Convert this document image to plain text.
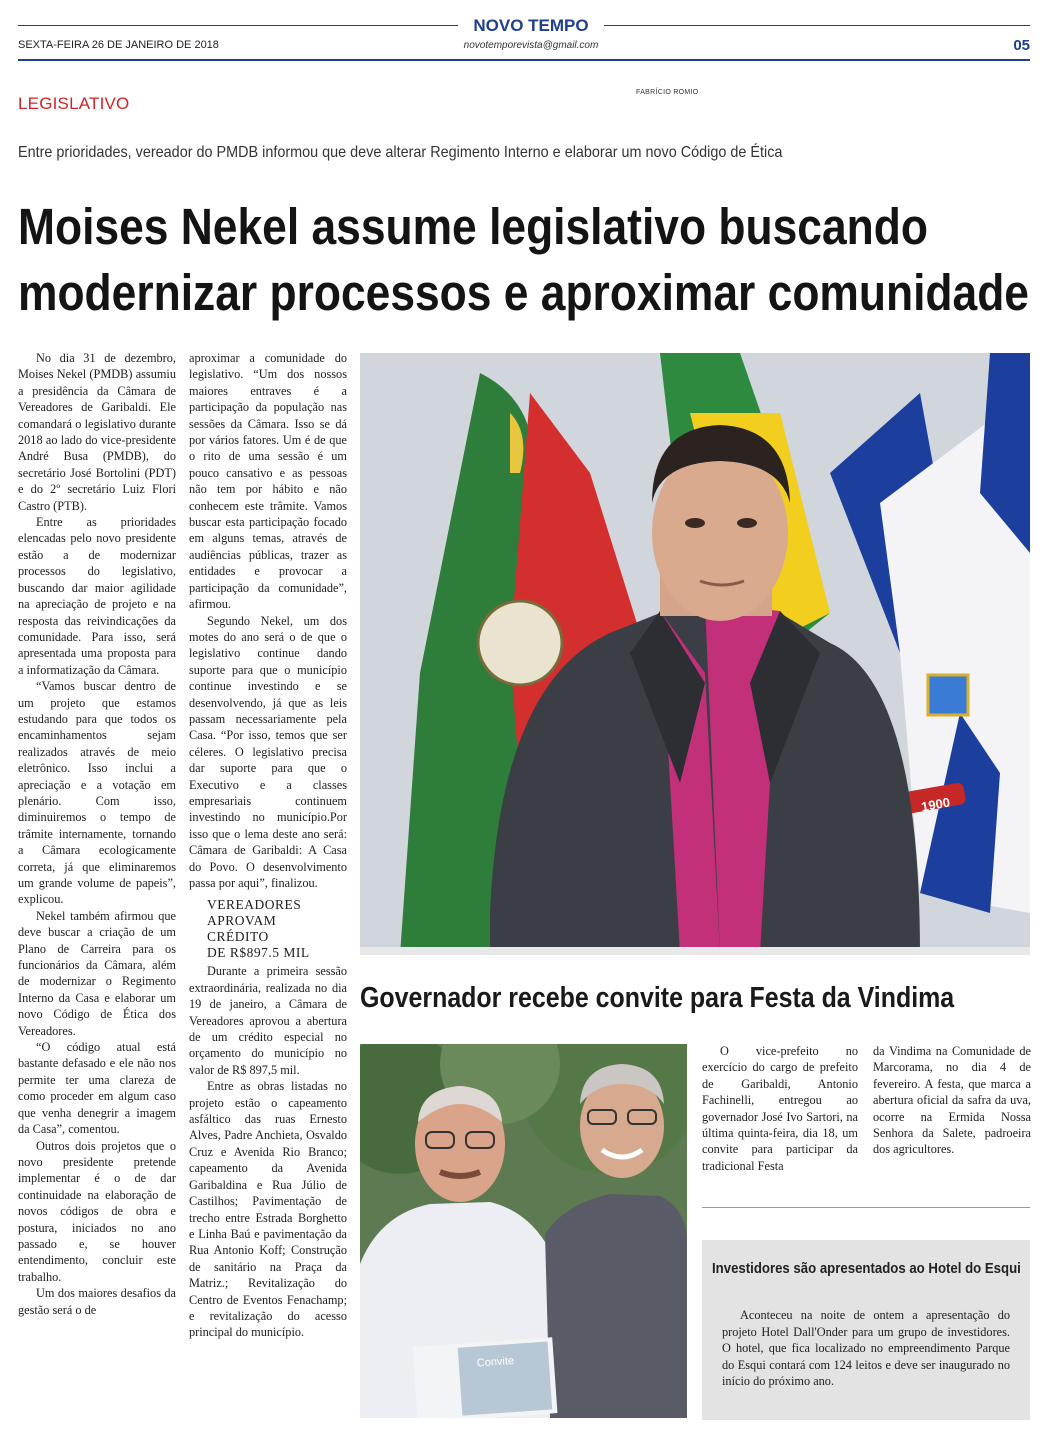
NOVO TEMPO
SEXTA-FEIRA 26 DE JANEIRO DE 2018	novotemporevista@gmail.com	05
LEGISLATIVO
FABRÍCIO ROMIO
Entre prioridades, vereador do PMDB informou que deve alterar Regimento Interno e elaborar um novo Código de Ética
Moises Nekel assume legislativo buscando
modernizar processos e aproximar comunidade

No dia 31 de dezembro, Moises Nekel (PMDB) assumiu a presidência da Câmara de Vereadores de Garibaldi. Ele comandará o legislativo durante 2018 ao lado do vice-presidente André Busa (PMDB), do secretário José Bortolini (PDT) e do 2º secretário Luiz Flori Castro (PTB).

Entre as prioridades elencadas pelo novo presidente estão a de modernizar processos do legislativo, buscando dar maior agilidade na apreciação de projeto e na resposta das reivindicações da comunidade. Para isso, será apresentada uma proposta para a informatização da Câmara.

“Vamos buscar dentro de um projeto que estamos estudando para que todos os encaminhamentos sejam realizados através de meio eletrônico. Isso inclui a apreciação e a votação em plenário. Com isso, diminuiremos o tempo de trâmite internamente, tornando a Câmara ecologicamente correta, já que eliminaremos um grande volume de papeis”, explicou.

Nekel também afirmou que deve buscar a criação de um Plano de Carreira para os funcionários da Câmara, além de modernizar o Regimento Interno da Casa e elaborar um novo Código de Ética dos Vereadores.

“O código atual está bastante defasado e ele não nos permite ter uma clareza de como proceder em algum caso que venha denegrir a imagem da Casa”, comentou.

Outros dois projetos que o novo presidente pretende implementar é o de dar continuidade na elaboração de novos códigos de obra e postura, iniciados no ano passado e, se houver entendimento, concluir este trabalho.

Um dos maiores desafios da gestão será o de

aproximar a comunidade do legislativo. “Um dos nossos maiores entraves é a participação da população nas sessões da Câmara. Isso se dá por vários fatores. Um é de que o rito de uma sessão é um pouco cansativo e as pessoas não tem por hábito e não conhecem este trâmite. Vamos buscar esta participação focado em alguns temas, através de audiências públicas, trazer as entidades e provocar a participação da comunidade”, afirmou.

Segundo Nekel, um dos motes do ano será o de que o legislativo continue dando suporte para que o município continue investindo e se desenvolvendo, já que as leis passam necessariamente pela Casa. “Por isso, temos que ser céleres. O legislativo precisa dar suporte para que o Executivo e a classes empresariais continuem investindo no município.Por isso que o lema deste ano será: Câmara de Garibaldi: A Casa do Povo. O desenvolvimento passa por aqui”, finalizou.

VEREADORES
APROVAM
CRÉDITO
DE R$897.5 MIL

Durante a primeira sessão extraordinária, realizada no dia 19 de janeiro, a Câmara de Vereadores aprovou a abertura de um crédito especial no orçamento do município no valor de R$ 897,5 mil.

Entre as obras listadas no projeto estão o capeamento asfáltico das ruas Ernesto Alves, Padre Anchieta, Osvaldo Cruz e Avenida Rio Branco; capeamento da Avenida Garibaldina e Rua Júlio de Castilhos; Pavimentação de trecho entre Estrada Borghetto e Linha Baú e pavimentação da Rua Antonio Koff; Construção de sanitário na Praça da Matriz.; Revitalização do Centro de Eventos Fenachamp; e revitalização do acesso principal do município.

1900
Governador recebe convite para Festa da Vindima
Convite

O vice-prefeito no exercício do cargo de prefeito de Garibaldi, Antonio Fachinelli, entregou ao governador José Ivo Sartori, na última quinta-feira, dia 18, um convite para participar da tradicional Festa

da Vindima na Comunidade de Marcorama, no dia 4 de fevereiro. A festa, que marca a abertura oficial da safra da uva, ocorre na Ermida Nossa Senhora da Salete, padroeira dos agricultores.

Investidores são apresentados ao Hotel do Esqui
Aconteceu na noite de ontem a apresentação do projeto Hotel Dall'Onder para um grupo de investidores. O hotel, que fica localizado no empreendimento Parque do Esqui contará com 124 leitos e deve ser inaugurado no início do próximo ano.
